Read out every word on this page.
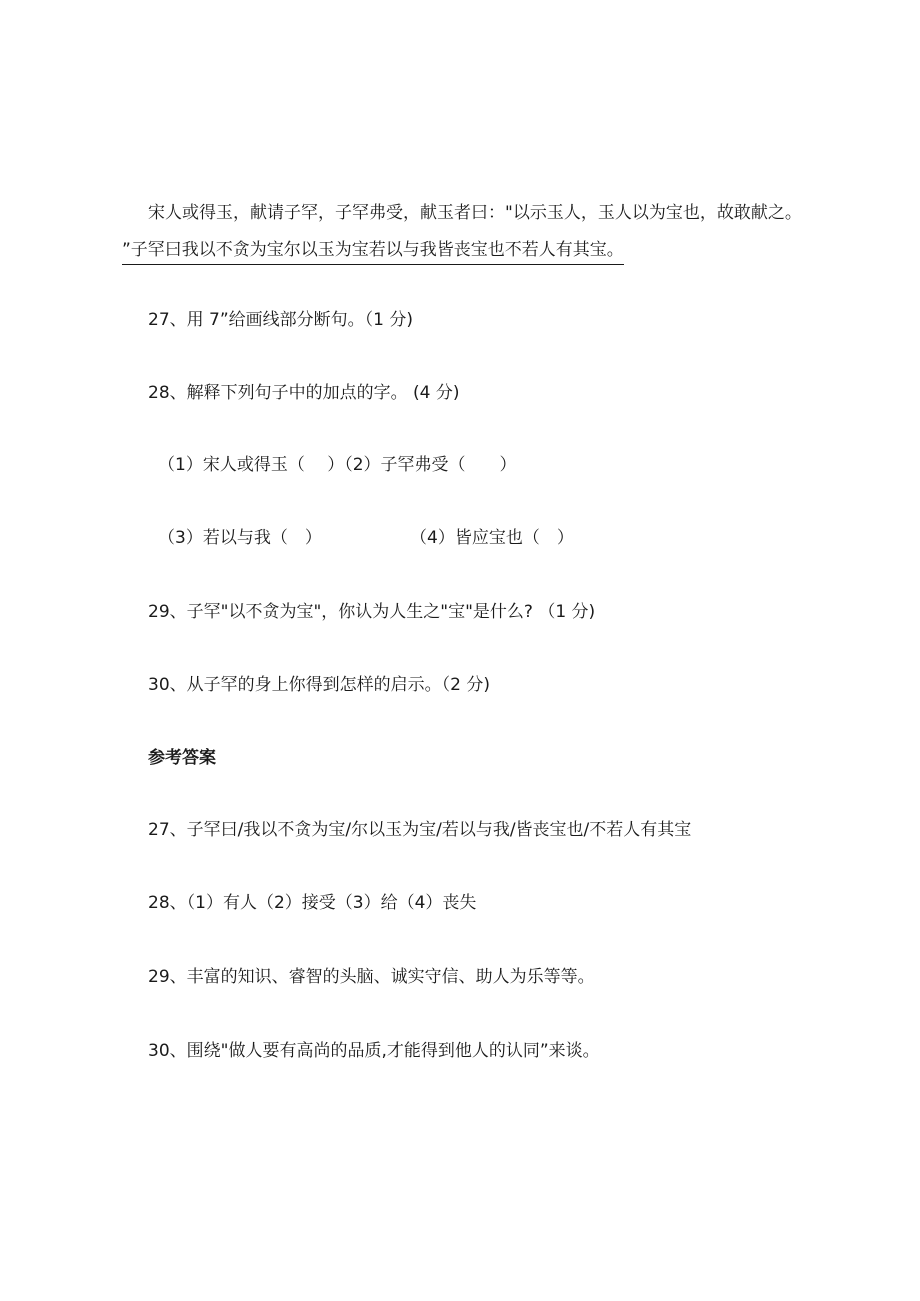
宋人或得玉，献请子罕，子罕弗受，献玉者曰："以示玉人，玉人以为宝也，故敢献之。

”子罕曰我以不贪为宝尔以玉为宝若以与我皆丧宝也不若人有其宝。

27、用 7”给画线部分断句。（1 分)

28、解释下列句子中的加点的字。 (4 分)

（1）宋人或得玉（　 ）（2）子罕弗受（　　）

（3）若以与我（　）	（4）皆应宝也（　）

29、子罕"以不贪为宝"，你认为人生之"宝"是什么? （1 分)

30、从子罕的身上你得到怎样的启示。（2 分)

参考答案

27、子罕曰/我以不贪为宝/尔以玉为宝/若以与我/皆丧宝也/不若人有其宝

28、（1）有人（2）接受（3）给（4）丧失

29、丰富的知识、睿智的头脑、诚实守信、助人为乐等等。

30、围绕"做人要有高尚的品质,才能得到他人的认同”来谈。
